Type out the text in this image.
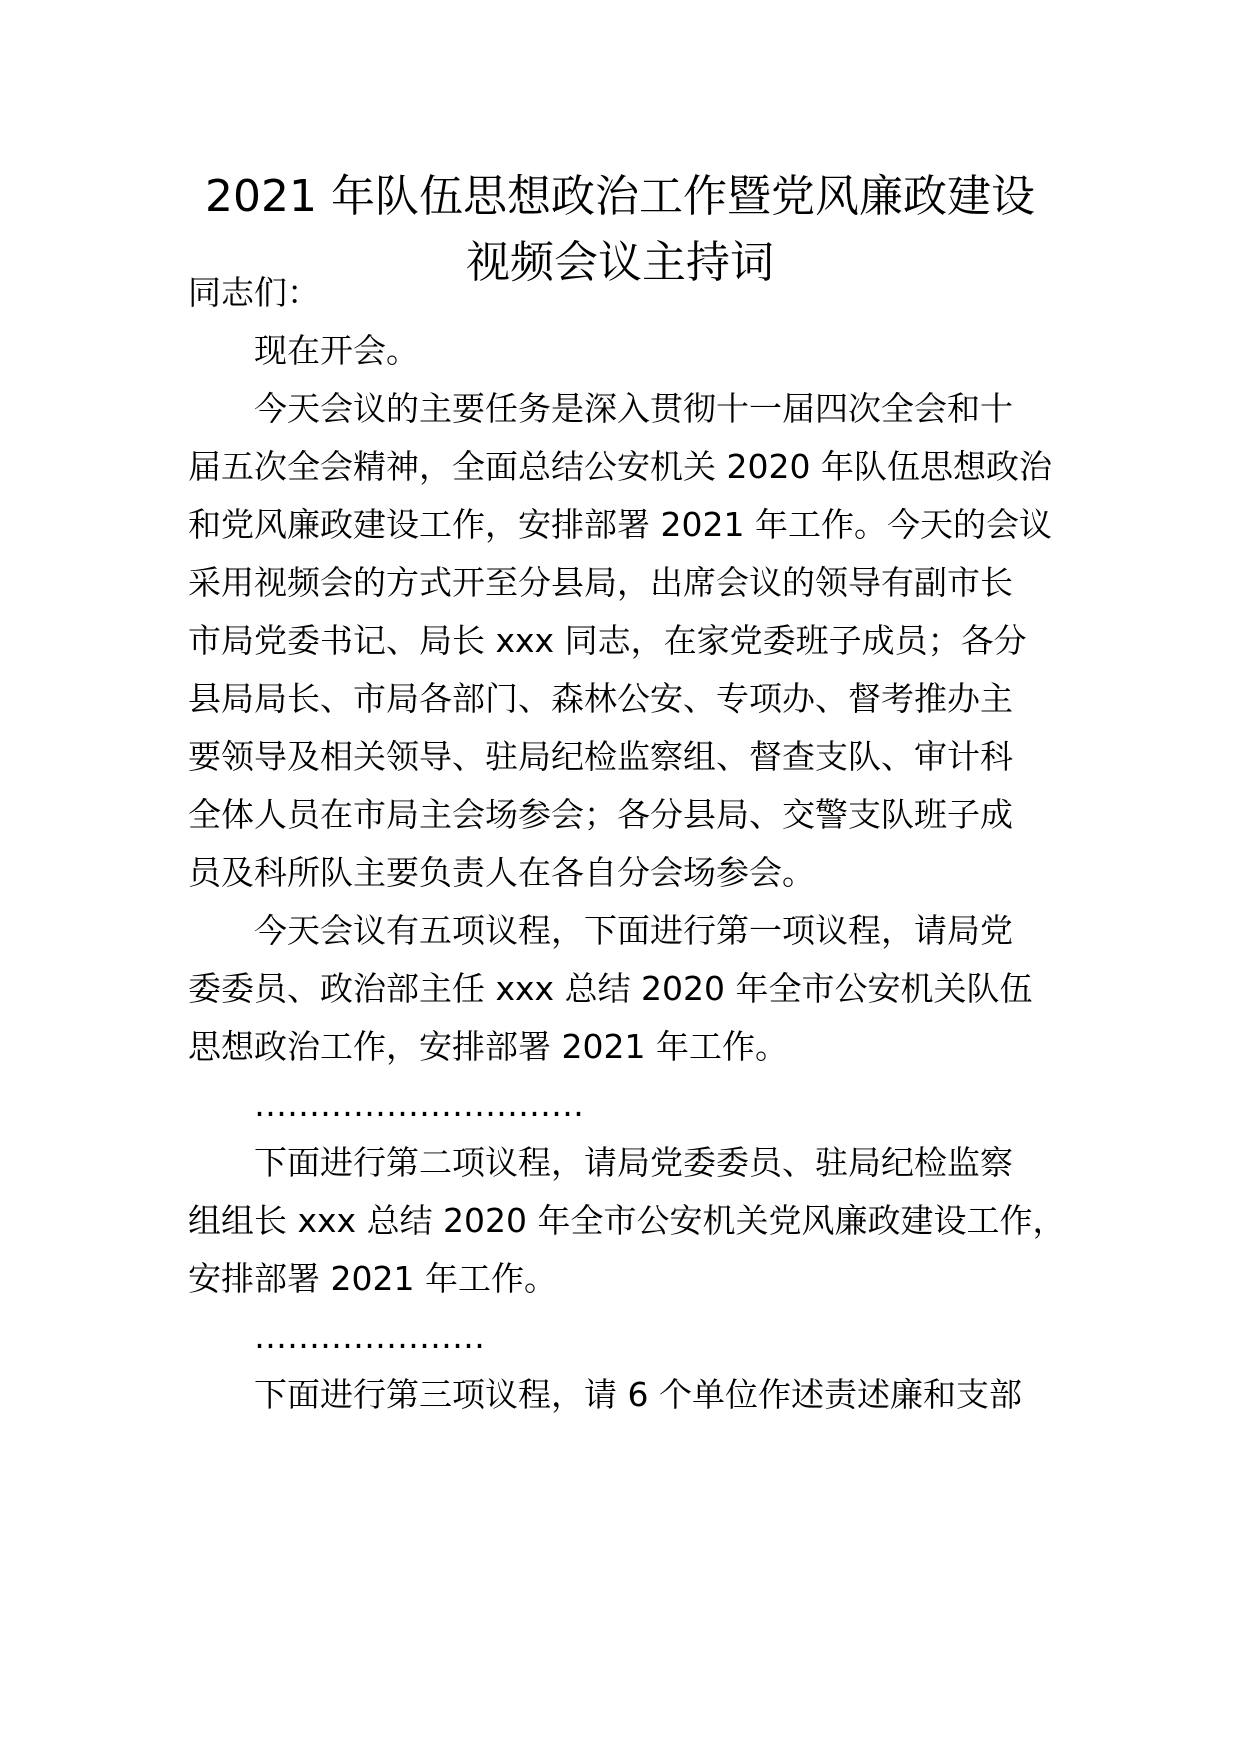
2021 年队伍思想政治工作暨党风廉政建设
视频会议主持词

同志们：

现在开会。

今天会议的主要任务是深入贯彻十一届四次全会和十

届五次全会精神，全面总结公安机关 2020 年队伍思想政治

和党风廉政建设工作，安排部署 2021 年工作。今天的会议

采用视频会的方式开至分县局，出席会议的领导有副市长

市局党委书记、局长 xxx 同志，在家党委班子成员；各分

县局局长、市局各部门、森林公安、专项办、督考推办主

要领导及相关领导、驻局纪检监察组、督查支队、审计科

全体人员在市局主会场参会；各分县局、交警支队班子成

员及科所队主要负责人在各自分会场参会。

今天会议有五项议程，下面进行第一项议程，请局党

委委员、政治部主任 xxx 总结 2020 年全市公安机关队伍

思想政治工作，安排部署 2021 年工作。

…………………………

下面进行第二项议程，请局党委委员、驻局纪检监察

组组长 xxx 总结 2020 年全市公安机关党风廉政建设工作，

安排部署 2021 年工作。

…………………

下面进行第三项议程，请 6 个单位作述责述廉和支部
